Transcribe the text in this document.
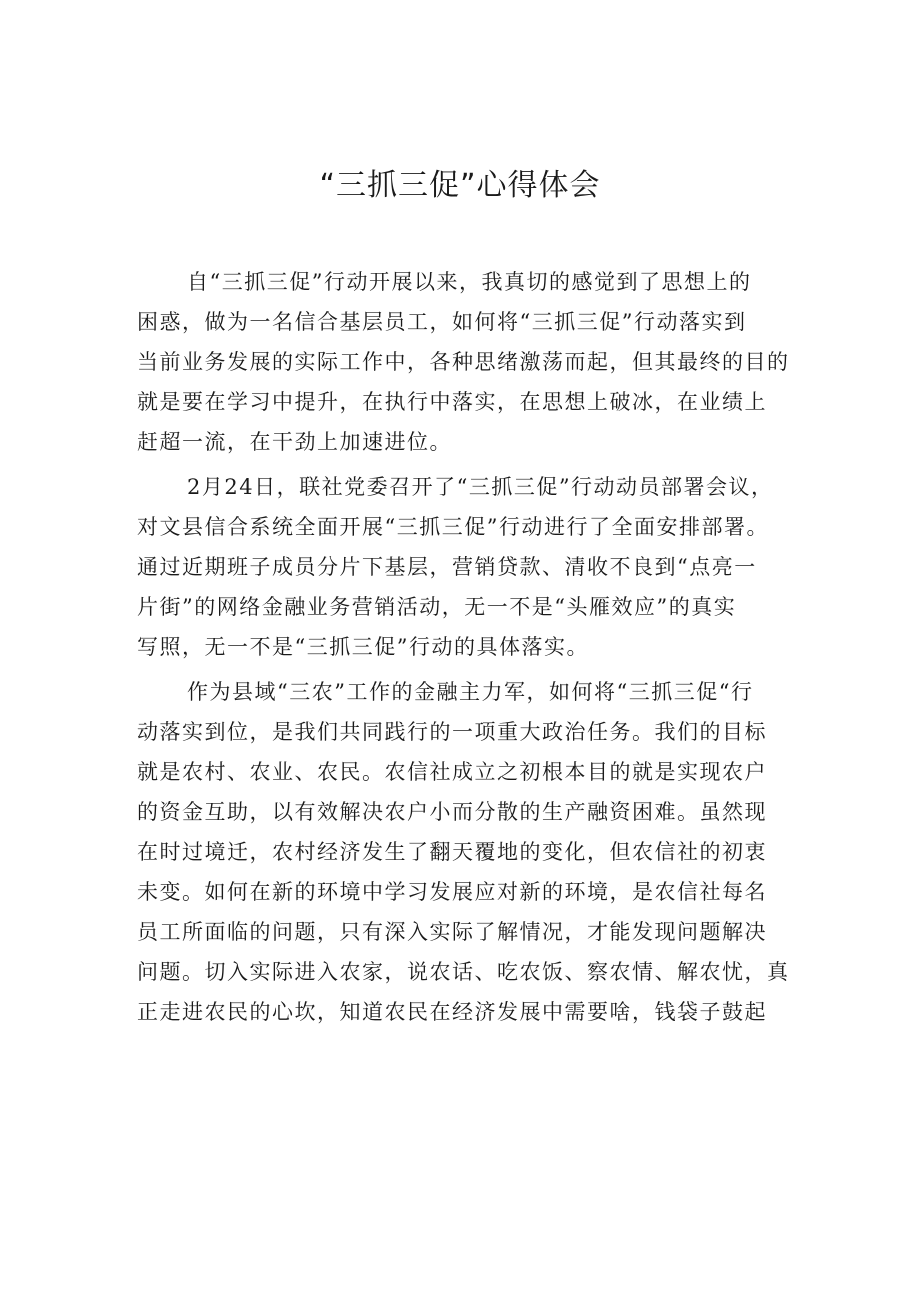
“三抓三促”心得体会
自“三抓三促”行动开展以来，我真切的感觉到了思想上的
困惑，做为一名信合基层员工，如何将“三抓三促”行动落实到
当前业务发展的实际工作中，各种思绪激荡而起，但其最终的目的
就是要在学习中提升，在执行中落实，在思想上破冰，在业绩上
赶超一流，在干劲上加速进位。
2月24日，联社党委召开了“三抓三促”行动动员部署会议，
对文县信合系统全面开展“三抓三促”行动进行了全面安排部署。
通过近期班子成员分片下基层，营销贷款、清收不良到“点亮一
片街”的网络金融业务营销活动，无一不是“头雁效应”的真实
写照，无一不是“三抓三促”行动的具体落实。
作为县域“三农”工作的金融主力军，如何将“三抓三促“行
动落实到位，是我们共同践行的一项重大政治任务。我们的目标
就是农村、农业、农民。农信社成立之初根本目的就是实现农户
的资金互助，以有效解决农户小而分散的生产融资困难。虽然现
在时过境迁，农村经济发生了翻天覆地的变化，但农信社的初衷
未变。如何在新的环境中学习发展应对新的环境，是农信社每名
员工所面临的问题，只有深入实际了解情况，才能发现问题解决
问题。切入实际进入农家，说农话、吃农饭、察农情、解农忧，真
正走进农民的心坎，知道农民在经济发展中需要啥，钱袋子鼓起
